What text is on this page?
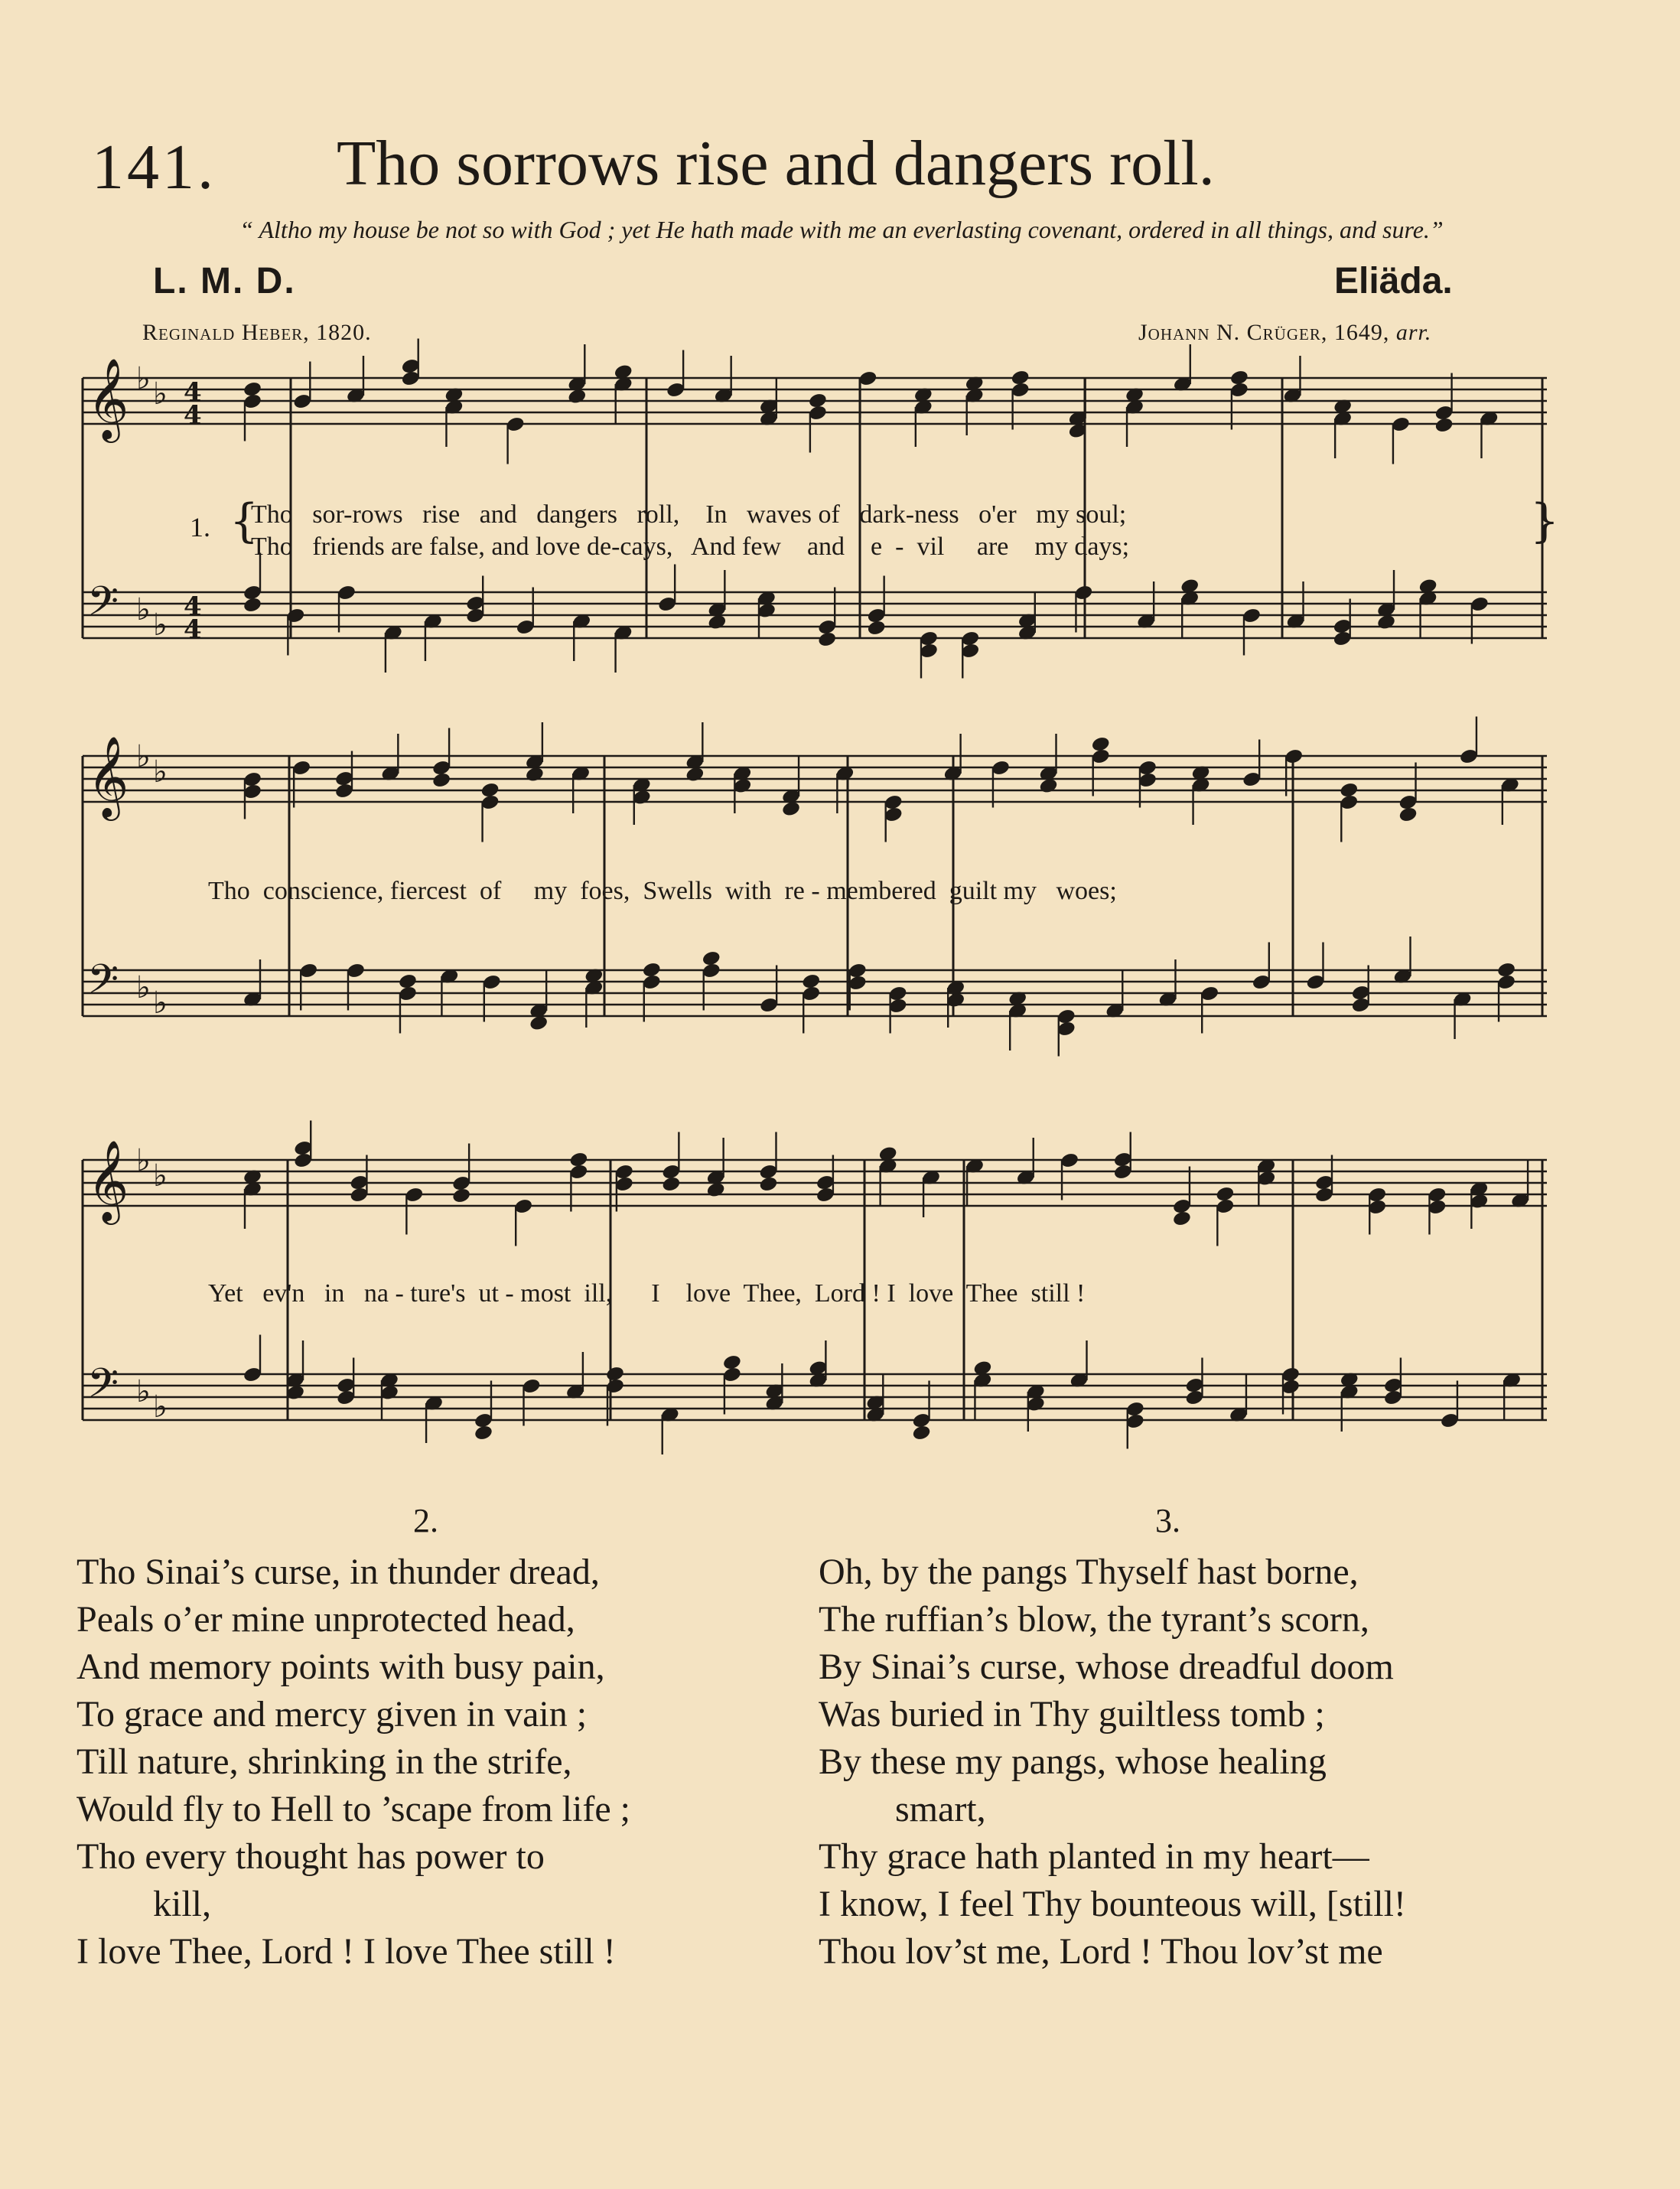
141. Tho sorrows rise and dangers roll.
“ Altho my house be not so with God ; yet He hath made with me an everlasting covenant, ordered in all things, and sure.”
L. M. D.	Eliäda.
Reginald Heber, 1820.	Johann N. Crüger, 1649, arr.
𝄞 ♭ ♭ 4
4
𝄢 ♭ ♭
4
4
𝄞 ♭ ♭
𝄢 ♭ ♭
𝄞 ♭ ♭
𝄢 ♭ ♭
1. {	}
Tho   sor-rows   rise   and   dangers   roll,    In   waves of   dark-ness   o'er   my soul;
Tho   friends are false, and love de-cays,   And few    and    e  -  vil     are    my days;
Tho  conscience, fiercest  of     my  foes,  Swells  with  re - membered  guilt my   woes;
Yet   ev'n   in   na - ture's  ut - most  ill,      I    love  Thee,  Lord ! I  love  Thee  still !
2.	3.
Tho Sinai’s curse, in thunder dread,
Peals o’er mine unprotected head,
And memory points with busy pain,
To grace and mercy given in vain ;
Till nature, shrinking in the strife,
Would fly to Hell to ’scape from life ;
Tho every thought has power to
kill,
I love Thee, Lord ! I love Thee still !
Oh, by the pangs Thyself hast borne,
The ruffian’s blow, the tyrant’s scorn,
By Sinai’s curse, whose dreadful doom
Was buried in Thy guiltless tomb ;
By these my pangs, whose healing
smart,
Thy grace hath planted in my heart—
I know, I feel Thy bounteous will, [still!
Thou lov’st me, Lord ! Thou lov’st me
